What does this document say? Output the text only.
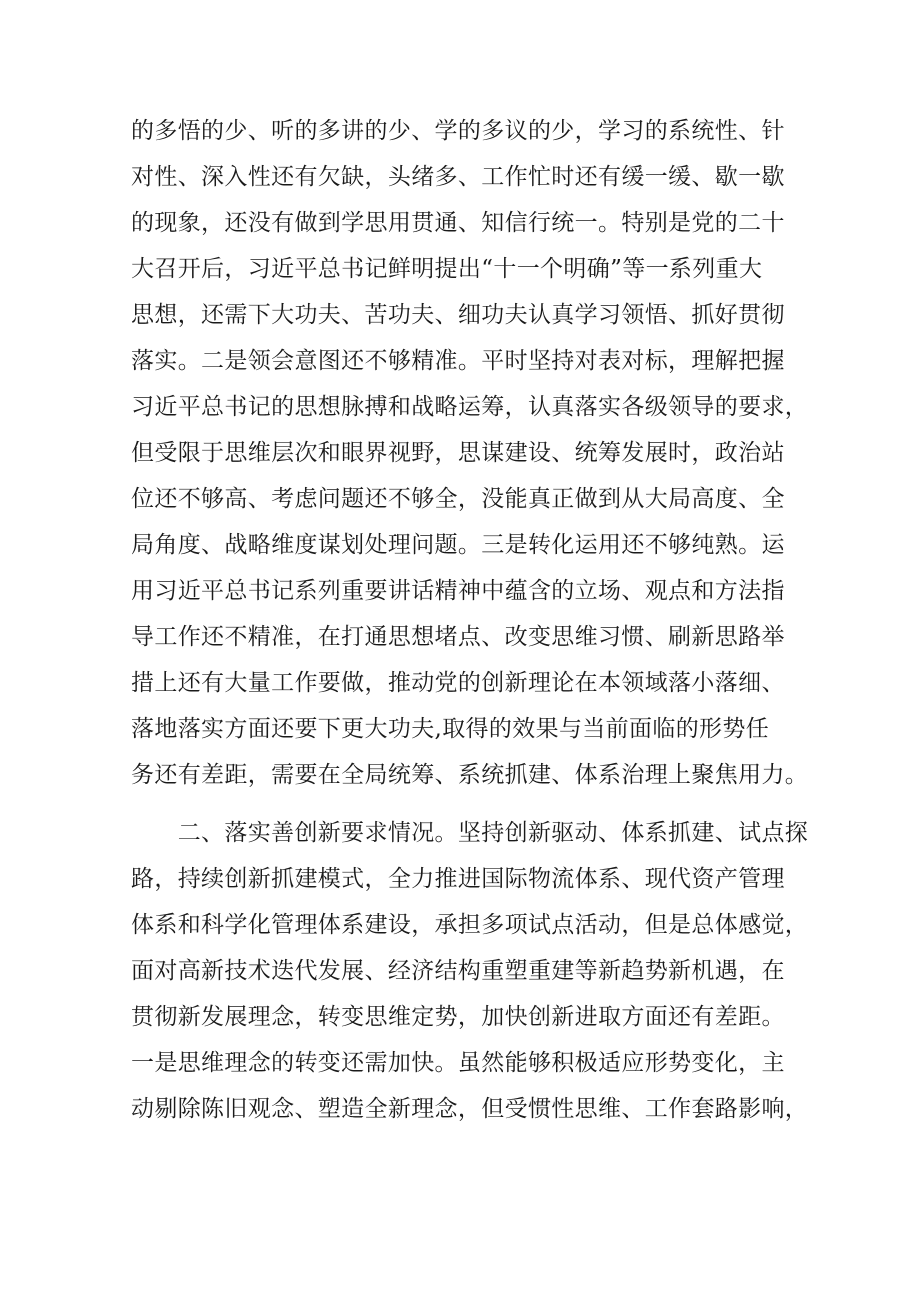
的多悟的少、听的多讲的少、学的多议的少，学习的系统性、针
对性、深入性还有欠缺，头绪多、工作忙时还有缓一缓、歇一歇
的现象，还没有做到学思用贯通、知信行统一。特别是党的二十
大召开后，习近平总书记鲜明提出“十一个明确”等一系列重大
思想，还需下大功夫、苦功夫、细功夫认真学习领悟、抓好贯彻
落实。二是领会意图还不够精准。平时坚持对表对标，理解把握
习近平总书记的思想脉搏和战略运筹，认真落实各级领导的要求，
但受限于思维层次和眼界视野，思谋建设、统筹发展时，政治站
位还不够高、考虑问题还不够全，没能真正做到从大局高度、全
局角度、战略维度谋划处理问题。三是转化运用还不够纯熟。运
用习近平总书记系列重要讲话精神中蕴含的立场、观点和方法指
导工作还不精准，在打通思想堵点、改变思维习惯、刷新思路举
措上还有大量工作要做，推动党的创新理论在本领域落小落细、
落地落实方面还要下更大功夫,取得的效果与当前面临的形势任
务还有差距，需要在全局统筹、系统抓建、体系治理上聚焦用力。
　　二、落实善创新要求情况。坚持创新驱动、体系抓建、试点探
路，持续创新抓建模式，全力推进国际物流体系、现代资产管理
体系和科学化管理体系建设，承担多项试点活动，但是总体感觉，
面对高新技术迭代发展、经济结构重塑重建等新趋势新机遇，在
贯彻新发展理念，转变思维定势，加快创新进取方面还有差距。
一是思维理念的转变还需加快。虽然能够积极适应形势变化，主
动剔除陈旧观念、塑造全新理念，但受惯性思维、工作套路影响，
